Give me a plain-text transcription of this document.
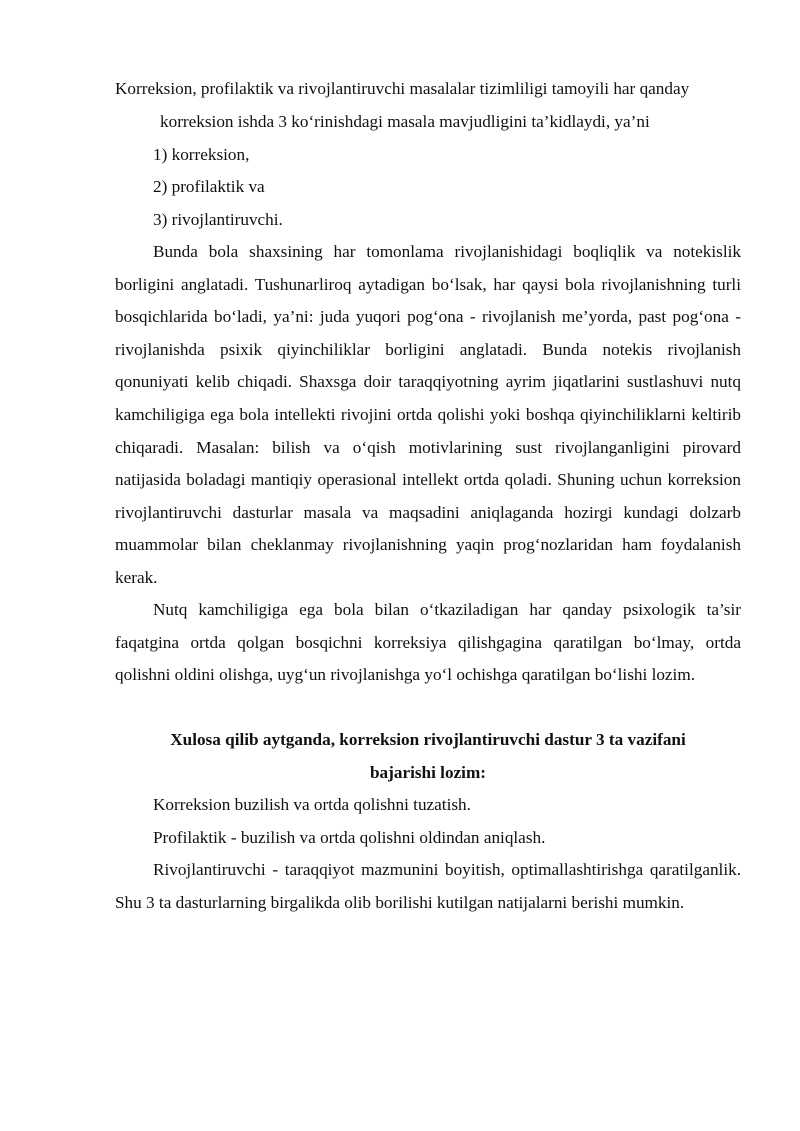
Korreksion, profilaktik va rivojlantiruvchi masalalar tizimliligi tamoyili har qanday
korreksion ishda 3 ko‘rinishdagi masala mavjudligini ta’kidlaydi, ya’ni
1) korreksion,
2) profilaktik va
3) rivojlantiruvchi.

Bunda bola shaxsining har tomonlama rivojlanishidagi boqliqlik va notekislik borligini anglatadi. Tushunarliroq aytadigan bo‘lsak, har qaysi bola rivojlanishning turli bosqichlarida bo‘ladi, ya’ni: juda yuqori pog‘ona - rivojlanish me’yorda, past pog‘ona - rivojlanishda psixik qiyinchiliklar borligini anglatadi. Bunda notekis rivojlanish qonuniyati kelib chiqadi. Shaxsga doir taraqqiyotning ayrim jiqatlarini sustlashuvi nutq kamchiligiga ega bola intellekti rivojini ortda qolishi yoki boshqa qiyinchiliklarni keltirib chiqaradi. Masalan: bilish va o‘qish motivlarining sust rivojlanganligini pirovard natijasida boladagi mantiqiy operasional intellekt ortda qoladi. Shuning uchun korreksion rivojlantiruvchi dasturlar masala va maqsadini aniqlaganda hozirgi kundagi dolzarb muammolar bilan cheklanmay rivojlanishning yaqin prog‘nozlaridan ham foydalanish kerak.

Nutq kamchiligiga ega bola bilan o‘tkaziladigan har qanday psixologik ta’sir faqatgina ortda qolgan bosqichni korreksiya qilishgagina qaratilgan bo‘lmay, ortda qolishni oldini olishga, uyg‘un rivojlanishga yo‘l ochishga qaratilgan bo‘lishi lozim.

Xulosa qilib aytganda, korreksion rivojlantiruvchi dastur 3 ta vazifani
bajarishi lozim:
Korreksion buzilish va ortda qolishni tuzatish.
Profilaktik - buzilish va ortda qolishni oldindan aniqlash.

Rivojlantiruvchi - taraqqiyot mazmunini boyitish, optimallashtirishga qaratilganlik. Shu 3 ta dasturlarning birgalikda olib borilishi kutilgan natijalarni berishi mumkin.
